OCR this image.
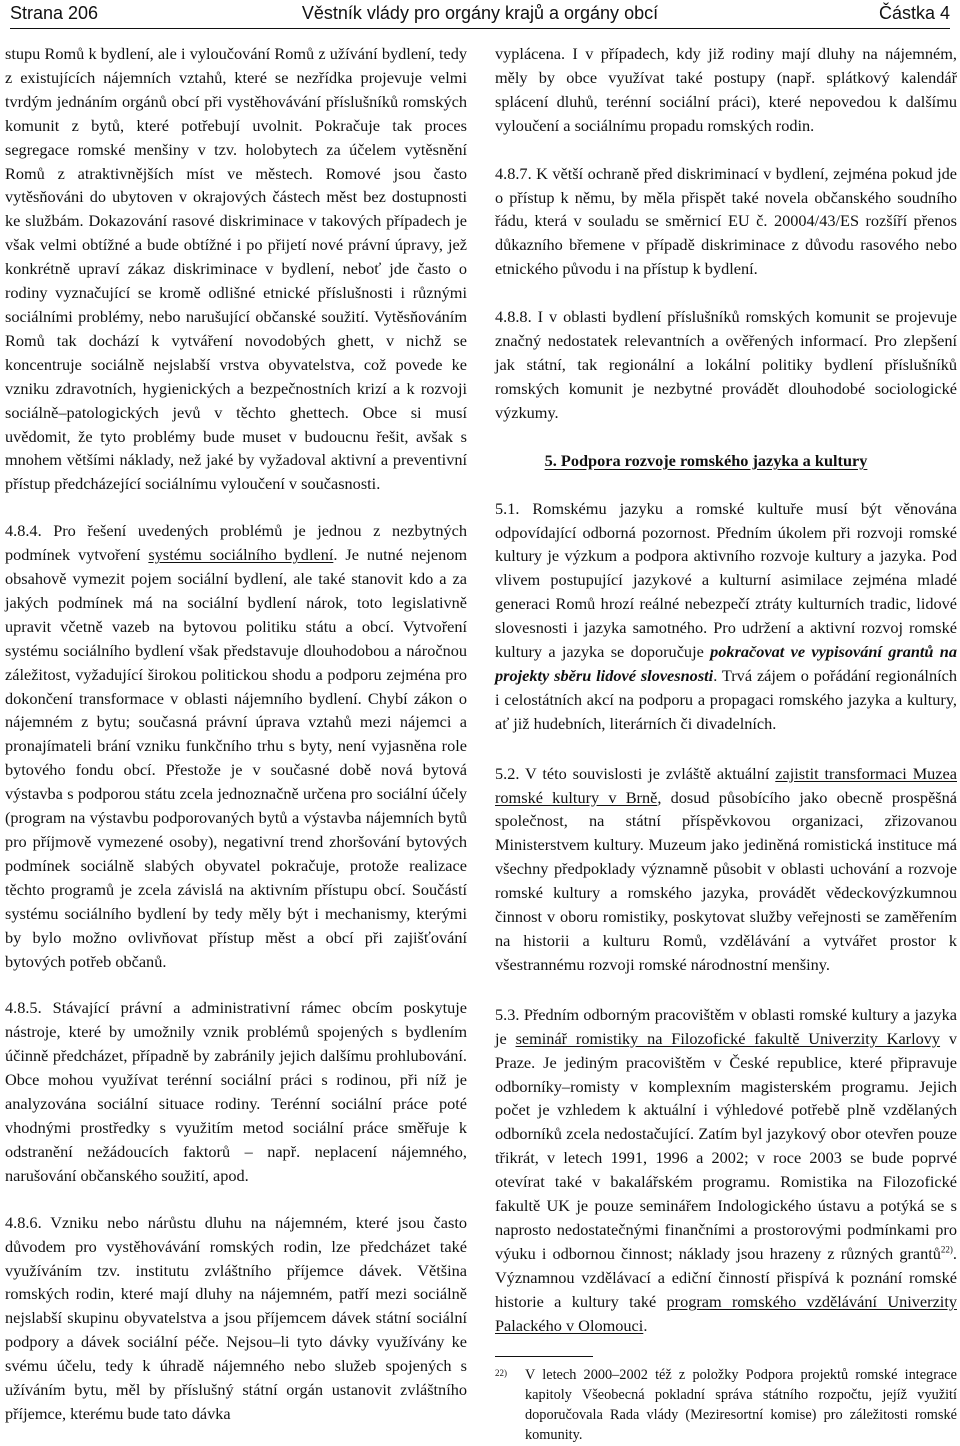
Strana 206	Věstník vlády pro orgány krajů a orgány obcí	Částka 4

stupu Romů k bydlení, ale i vyloučování Romů z užívání bydlení, tedy z existujících nájemních vztahů, které se nezřídka projevuje velmi tvrdým jednáním orgánů obcí při vystěhovávání příslušníků romských komunit z bytů, které potřebují uvolnit. Pokračuje tak proces segregace romské menšiny v tzv. holobytech za účelem vytěsnění Romů z atraktivnějších míst ve městech. Romové jsou často vytěsňováni do ubytoven v okrajových částech měst bez dostupnosti ke službám. Dokazování rasové diskriminace v takových případech je však velmi obtížné a bude obtížné i po přijetí nové právní úpravy, jež konkrétně upraví zákaz diskriminace v bydlení, neboť jde často o rodiny vyznačující se kromě odlišné etnické příslušnosti i různými sociálními problémy, nebo narušující občanské soužití. Vytěsňováním Romů tak dochází k vytváření novodobých ghett, v nichž se koncentruje sociálně nejslabší vrstva obyvatelstva, což povede ke vzniku zdravotních, hygienických a bezpečnostních krizí a k rozvoji sociálně–patologických jevů v těchto ghettech. Obce si musí uvědomit, že tyto problémy bude muset v budoucnu řešit, avšak s mnohem většími náklady, než jaké by vyžadoval aktivní a preventivní přístup předcházející sociálnímu vyloučení v současnosti.

4.8.4. Pro řešení uvedených problémů je jednou z nezbytných podmínek vytvoření systému sociálního bydlení. Je nutné nejenom obsahově vymezit pojem sociální bydlení, ale také stanovit kdo a za jakých podmínek má na sociální bydlení nárok, toto legislativně upravit včetně vazeb na bytovou politiku státu a obcí. Vytvoření systému sociálního bydlení však představuje dlouhodobou a náročnou záležitost, vyžadující širokou politickou shodu a podporu zejména pro dokončení transformace v oblasti nájemního bydlení. Chybí zákon o nájemném z bytu; současná právní úprava vztahů mezi nájemci a pronajímateli brání vzniku funkčního trhu s byty, není vyjasněna role bytového fondu obcí. Přestože je v současné době nová bytová výstavba s podporou státu zcela jednoznačně určena pro sociální účely (program na výstavbu podporovaných bytů a výstavba nájemních bytů pro příjmově vymezené osoby), negativní trend zhoršování bytových podmínek sociálně slabých obyvatel pokračuje, protože realizace těchto programů je zcela závislá na aktivním přístupu obcí. Součástí systému sociálního bydlení by tedy měly být i mechanismy, kterými by bylo možno ovlivňovat přístup měst a obcí při zajišťování bytových potřeb občanů.

4.8.5. Stávající právní a administrativní rámec obcím poskytuje nástroje, které by umožnily vznik problémů spojených s bydlením účinně předcházet, případně by zabránily jejich dalšímu prohlubování. Obce mohou využívat terénní sociální práci s rodinou, při níž je analyzována sociální situace rodiny. Terénní sociální práce poté vhodnými prostředky s využitím metod sociální práce směřuje k odstranění nežádoucích faktorů – např. neplacení nájemného, narušování občanského soužití, apod.

4.8.6. Vzniku nebo nárůstu dluhu na nájemném, které jsou často důvodem pro vystěhovávání romských rodin, lze předcházet také využíváním tzv. institutu zvláštního příjemce dávek. Většina romských rodin, které mají dluhy na nájemném, patří mezi sociálně nejslabší skupinu obyvatelstva a jsou příjemcem dávek státní sociální podpory a dávek sociální péče. Nejsou–li tyto dávky využívány ke svému účelu, tedy k úhradě nájemného nebo služeb spojených s užíváním bytu, měl by příslušný státní orgán ustanovit zvláštního příjemce, kterému bude tato dávka

vyplácena. I v případech, kdy již rodiny mají dluhy na nájemném, měly by obce využívat také postupy (např. splátkový kalendář splácení dluhů, terénní sociální práci), které nepovedou k dalšímu vyloučení a sociálnímu propadu romských rodin.

4.8.7. K větší ochraně před diskriminací v bydlení, zejména pokud jde o přístup k němu, by měla přispět také novela občanského soudního řádu, která v souladu se směrnicí EU č. 20004/43/ES rozšíří přenos důkazního břemene v případě diskriminace z důvodu rasového nebo etnického původu i na přístup k bydlení.

4.8.8. I v oblasti bydlení příslušníků romských komunit se projevuje značný nedostatek relevantních a ověřených informací. Pro zlepšení jak státní, tak regionální a lokální politiky bydlení příslušníků romských komunit je nezbytné provádět dlouhodobé sociologické výzkumy.

5. Podpora rozvoje romského jazyka a kultury

5.1. Romskému jazyku a romské kultuře musí být věnována odpovídající odborná pozornost. Předním úkolem při rozvoji romské kultury je výzkum a podpora aktivního rozvoje kultury a jazyka. Pod vlivem postupující jazykové a kulturní asimilace zejména mladé generaci Romů hrozí reálné nebezpečí ztráty kulturních tradic, lidové slovesnosti i jazyka samotného. Pro udržení a aktivní rozvoj romské kultury a jazyka se doporučuje pokračovat ve vypisování grantů na projekty sběru lidové slovesnosti. Trvá zájem o pořádání regionálních i celostátních akcí na podporu a propagaci romského jazyka a kultury, ať již hudebních, literárních či divadelních.

5.2. V této souvislosti je zvláště aktuální zajistit transformaci Muzea romské kultury v Brně, dosud působícího jako obecně prospěšná společnost, na státní příspěvkovou organizaci, zřizovanou Ministerstvem kultury. Muzeum jako jediněná romistická instituce má všechny předpoklady významně působit v oblasti uchování a rozvoje romské kultury a romského jazyka, provádět vědeckovýzkumnou činnost v oboru romistiky, poskytovat služby veřejnosti se zaměřením na historii a kulturu Romů, vzdělávání a vytvářet prostor k všestrannému rozvoji romské národnostní menšiny.

5.3. Předním odborným pracovištěm v oblasti romské kultury a jazyka je seminář romistiky na Filozofické fakultě Univerzity Karlovy v Praze. Je jediným pracovištěm v České republice, které připravuje odborníky–romisty v komplexním magisterském programu. Jejich počet je vzhledem k aktuální i výhledové potřebě plně vzdělaných odborníků zcela nedostačující. Zatím byl jazykový obor otevřen pouze třikrát, v letech 1991, 1996 a 2002; v roce 2003 se bude poprvé otevírat také v bakalářském programu. Romistika na Filozofické fakultě UK je pouze seminářem Indologického ústavu a potýká se s naprosto nedostatečnými finančními a prostorovými podmínkami pro výuku i odbornou činnost; náklady jsou hrazeny z různých grantů$^{22)}$. Významnou vzdělávací a ediční činností přispívá k poznání romské historie a kultury také program romského vzdělávání Univerzity Palackého v Olomouci.

22) V letech 2000–2002 též z položky Podpora projektů romské integrace kapitoly Všeobecná pokladní správa státního rozpočtu, jejíž využití doporučovala Rada vlády (Meziresortní komise) pro záležitosti romské komunity.
